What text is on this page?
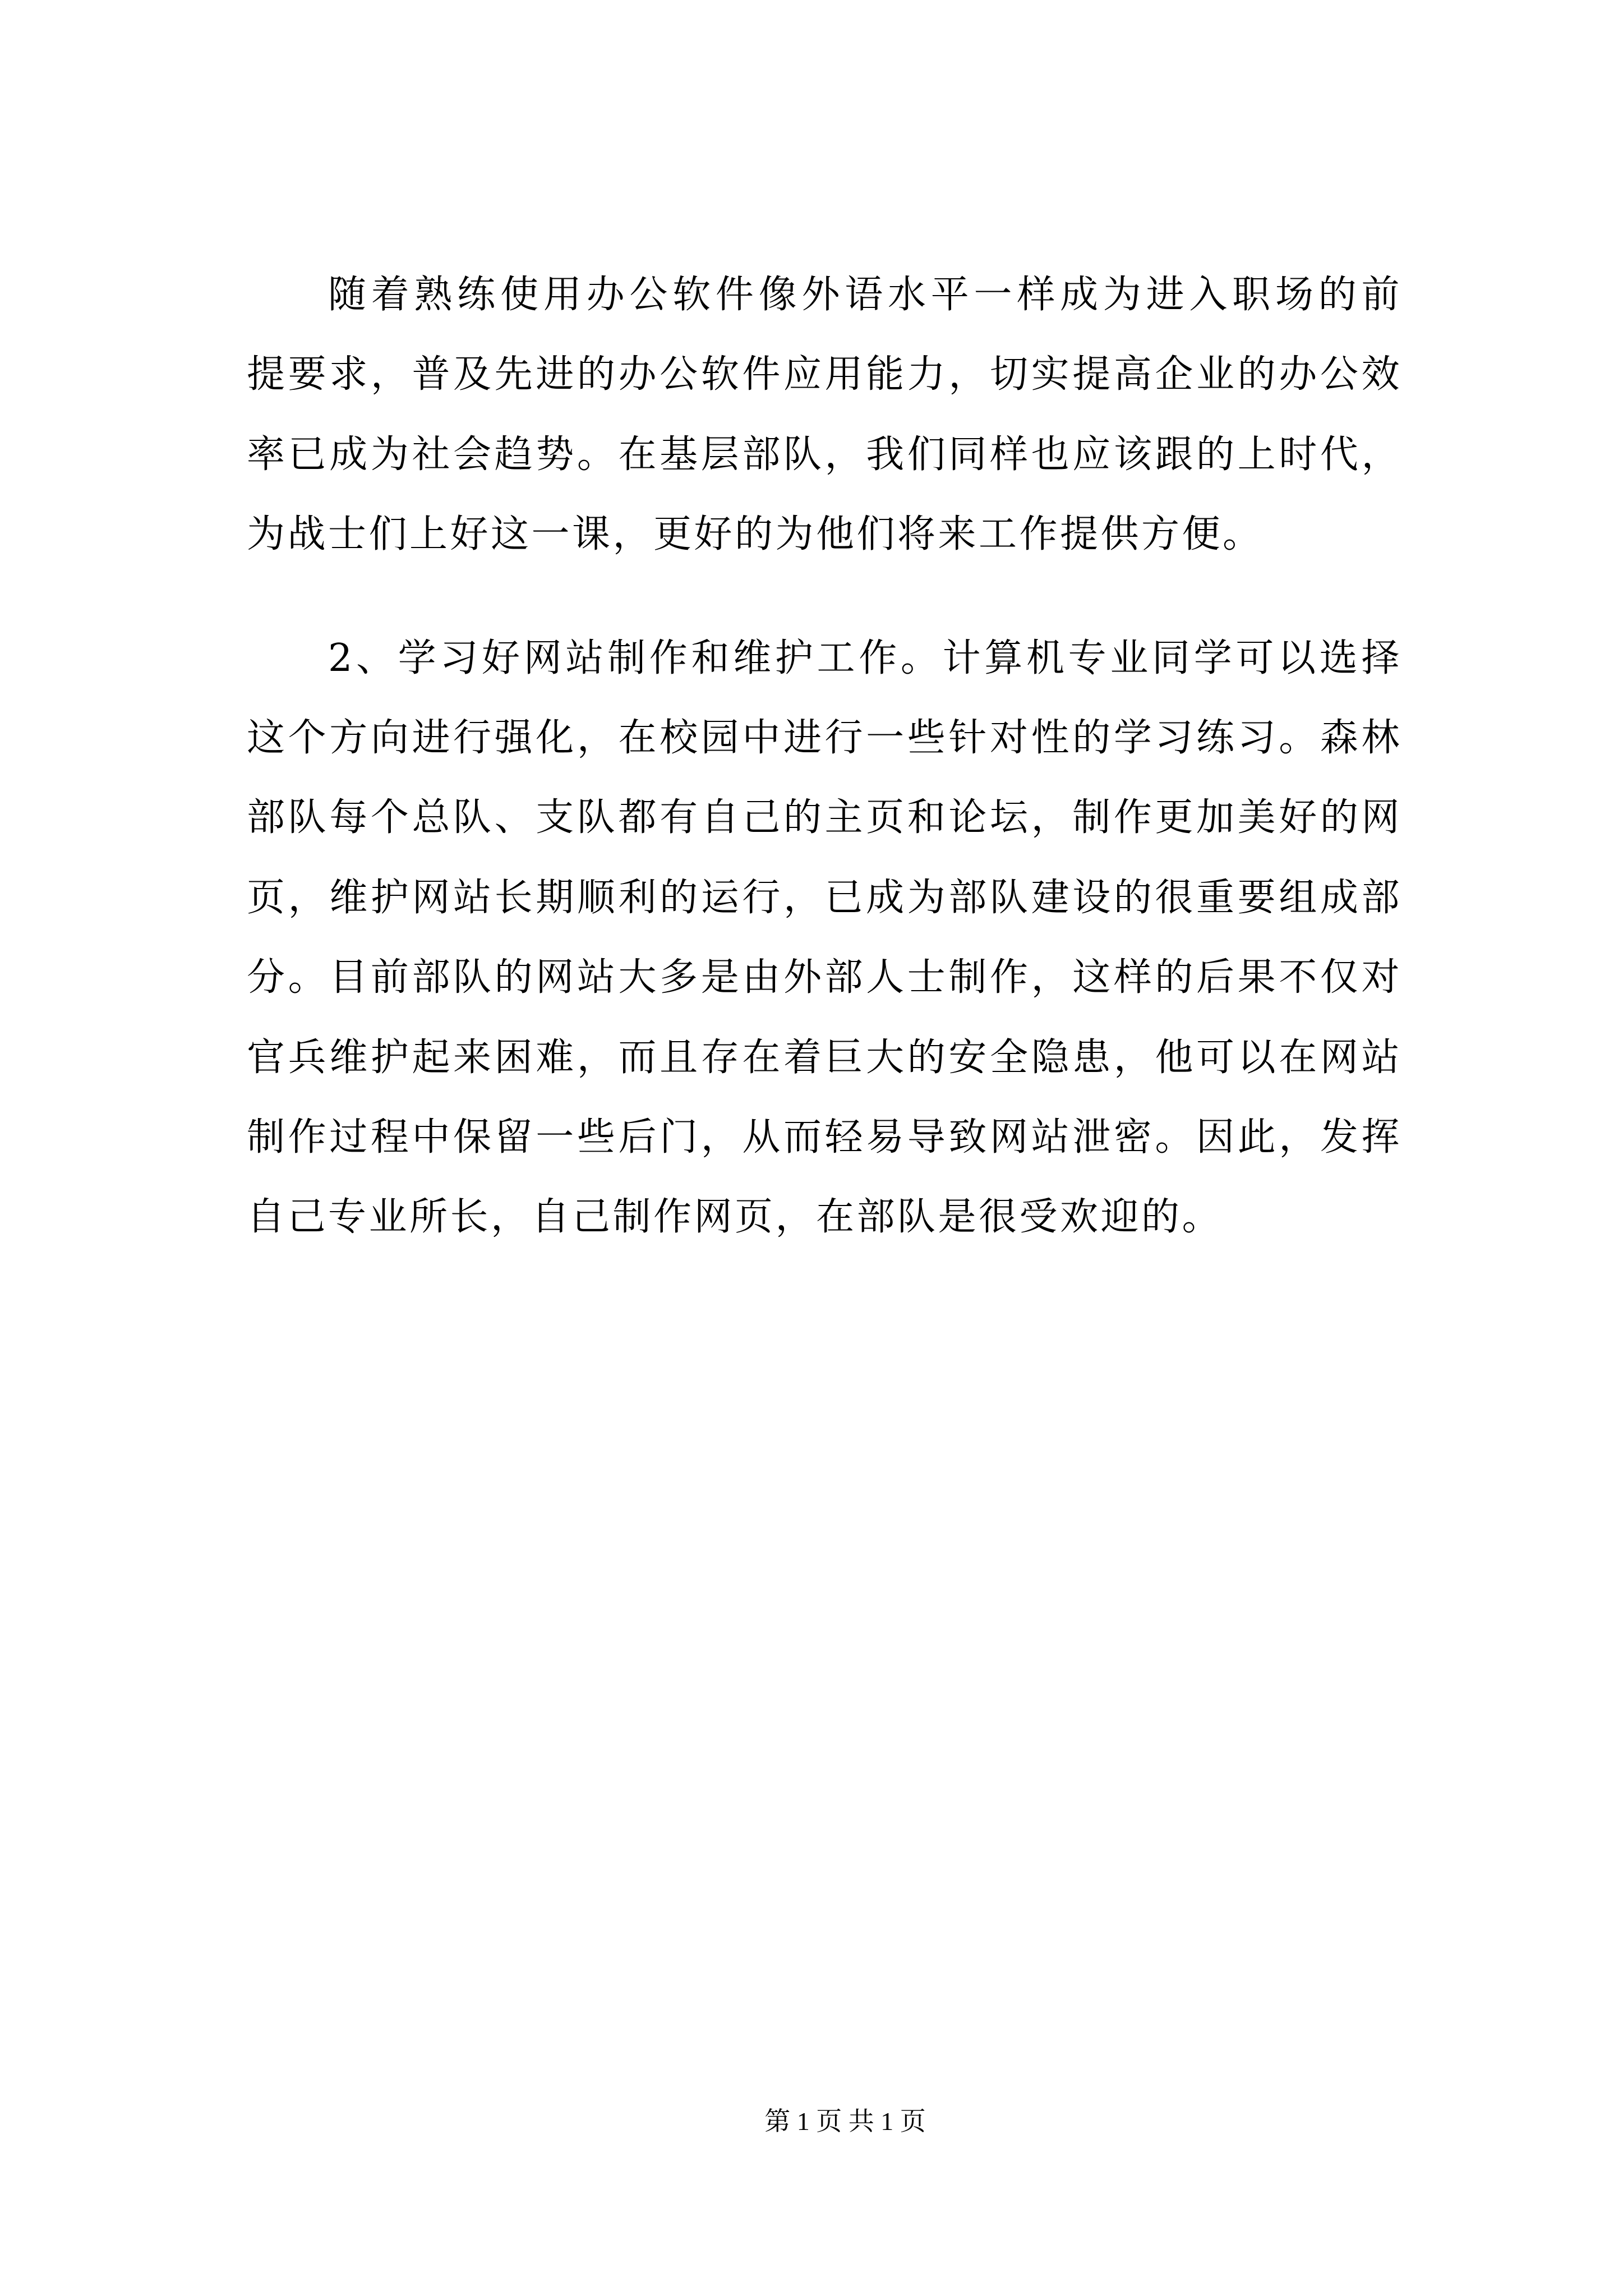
随着熟练使用办公软件像外语水平一样成为进入职场的前
提要求，普及先进的办公软件应用能力，切实提高企业的办公效
率已成为社会趋势。在基层部队，我们同样也应该跟的上时代，
为战士们上好这一课，更好的为他们将来工作提供方便。
2、学习好网站制作和维护工作。计算机专业同学可以选择
这个方向进行强化，在校园中进行一些针对性的学习练习。森林
部队每个总队、支队都有自己的主页和论坛，制作更加美好的网
页，维护网站长期顺利的运行，已成为部队建设的很重要组成部
分。目前部队的网站大多是由外部人士制作，这样的后果不仅对
官兵维护起来困难，而且存在着巨大的安全隐患，他可以在网站
制作过程中保留一些后门，从而轻易导致网站泄密。因此，发挥
自己专业所长，自己制作网页，在部队是很受欢迎的。
第 1 页 共 1 页
